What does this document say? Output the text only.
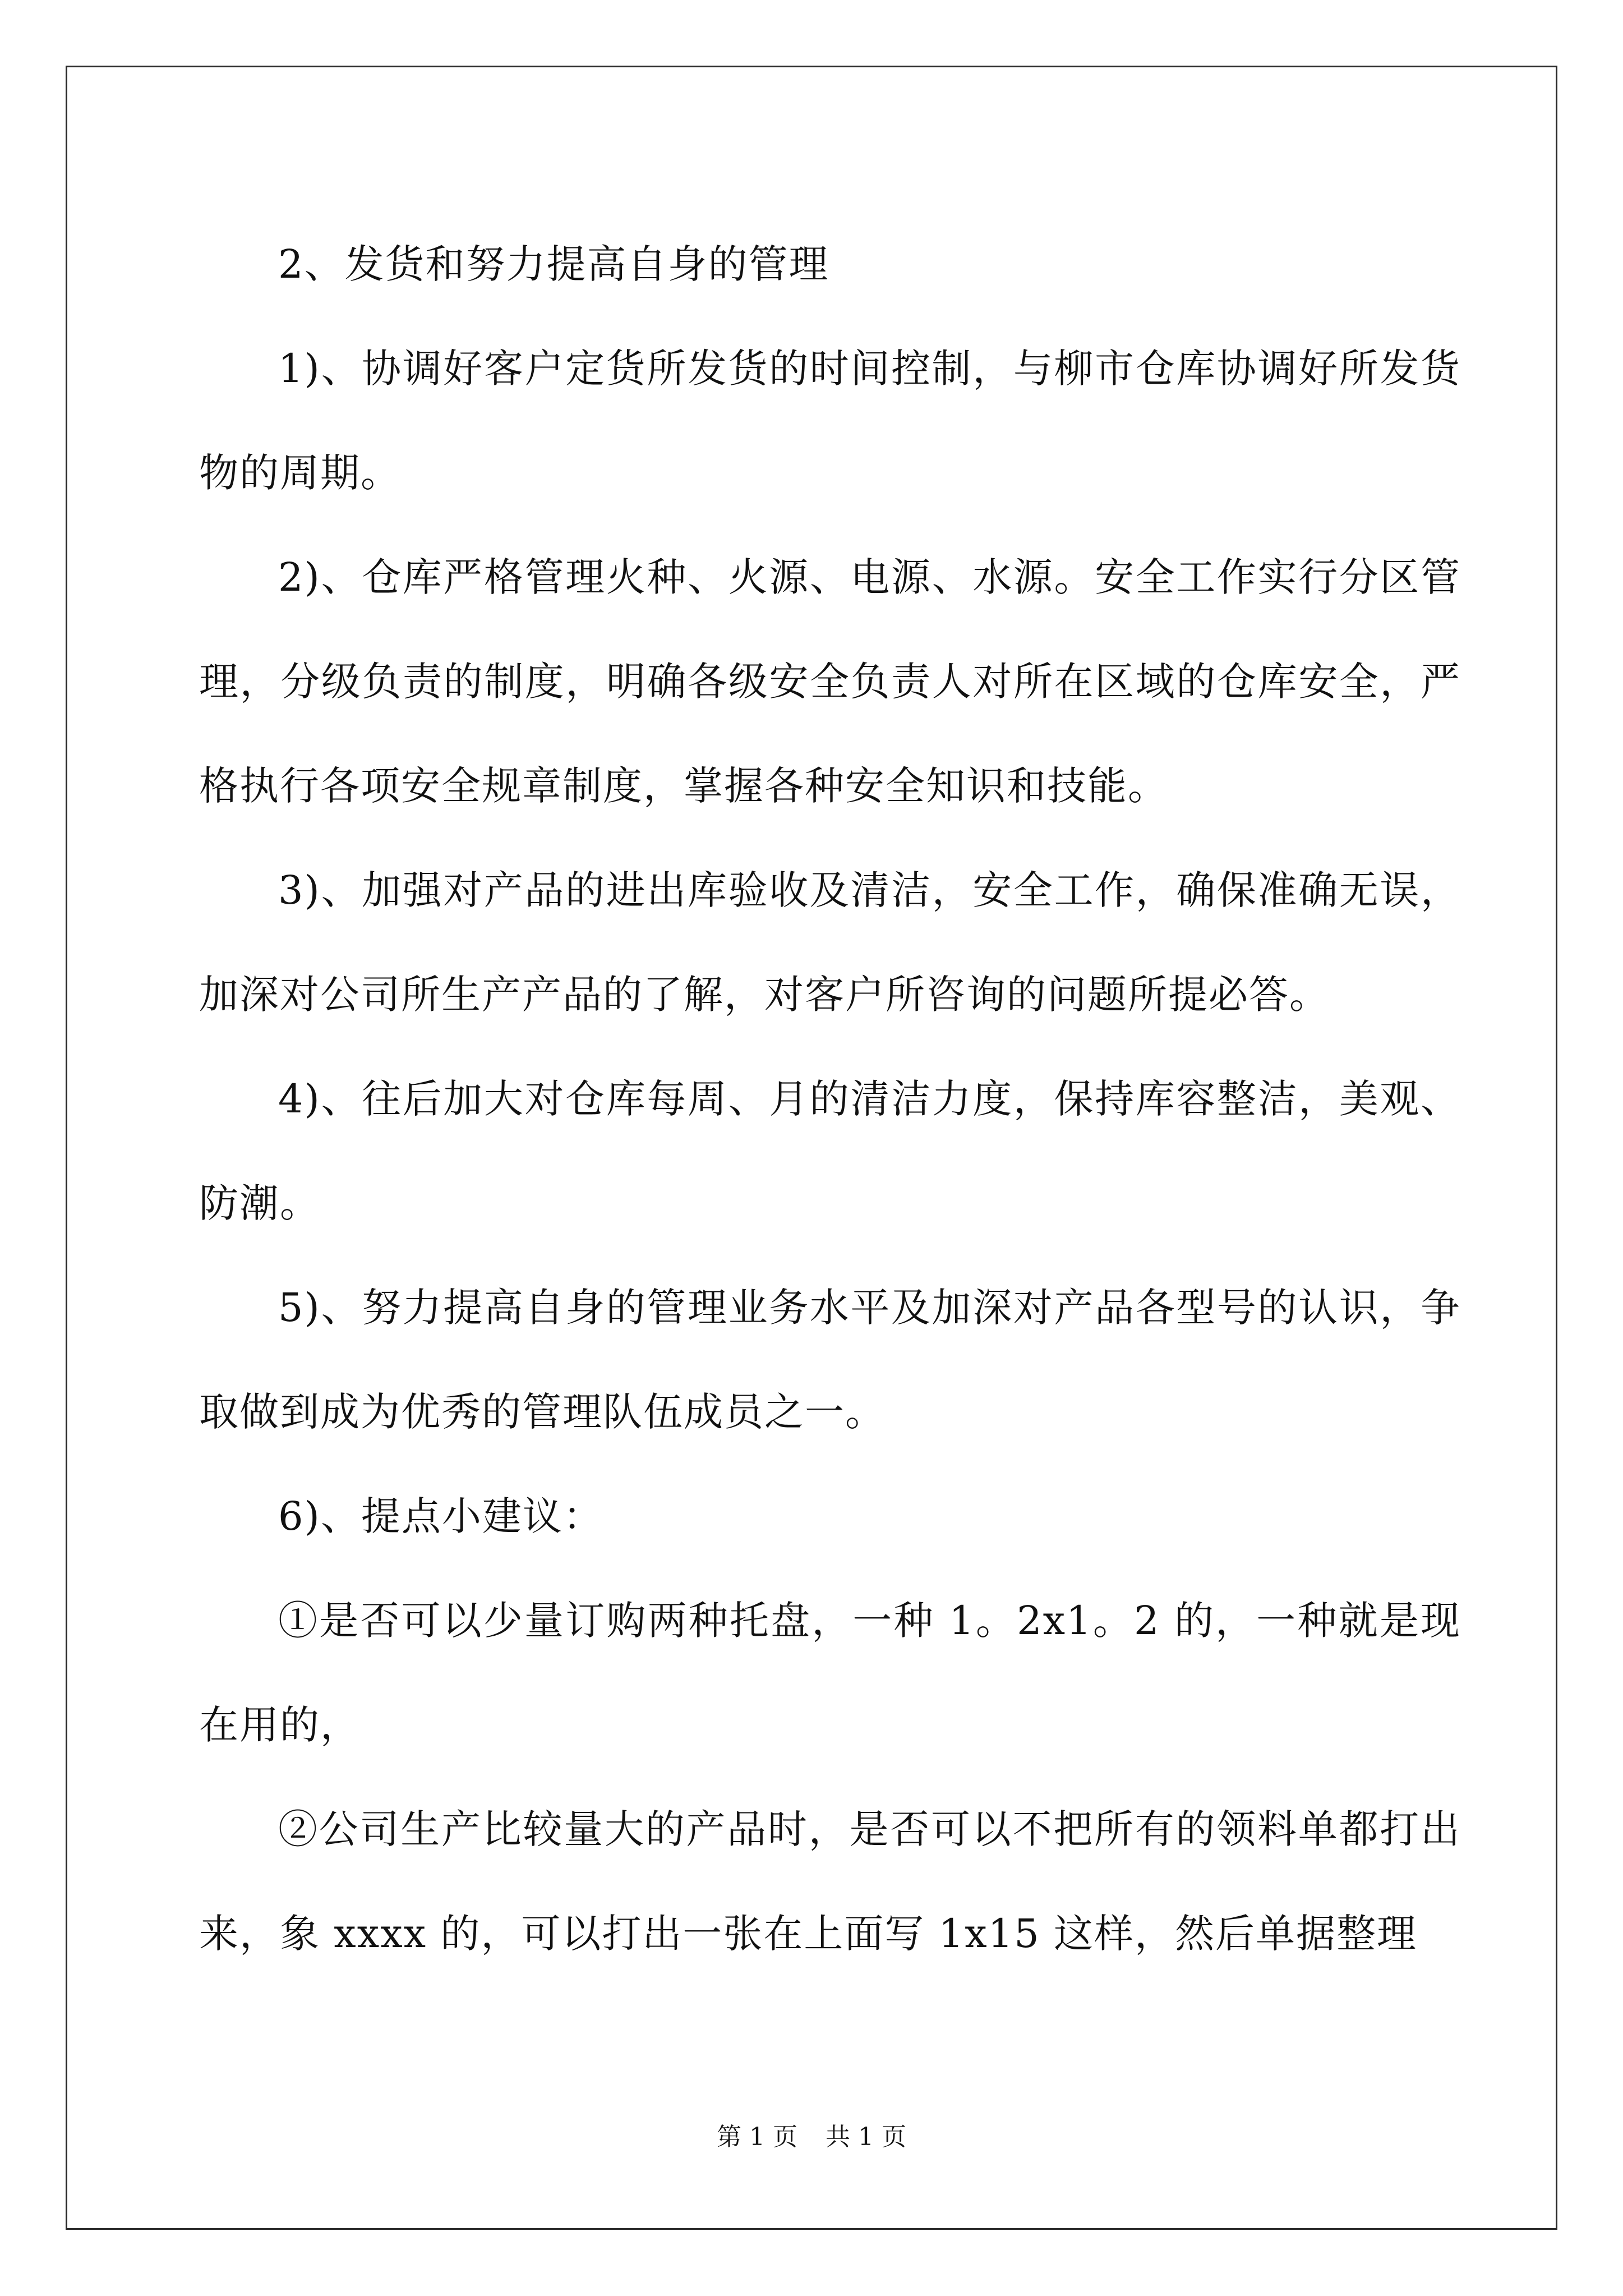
2、发货和努力提高自身的管理

1)、协调好客户定货所发货的时间控制，与柳市仓库协调好所发货物的周期。

2)、仓库严格管理火种、火源、电源、水源。安全工作实行分区管理，分级负责的制度，明确各级安全负责人对所在区域的仓库安全，严格执行各项安全规章制度，掌握各种安全知识和技能。

3)、加强对产品的进出库验收及清洁，安全工作，确保准确无误，加深对公司所生产产品的了解，对客户所咨询的问题所提必答。

4)、往后加大对仓库每周、月的清洁力度，保持库容整洁，美观、防潮。

5)、努力提高自身的管理业务水平及加深对产品各型号的认识，争取做到成为优秀的管理队伍成员之一。

6)、提点小建议：

①是否可以少量订购两种托盘，一种 1。2x1。2 的，一种就是现在用的，

②公司生产比较量大的产品时，是否可以不把所有的领料单都打出来，象 xxxx 的，可以打出一张在上面写 1x15 这样，然后单据整理

第 1 页 共 1 页
